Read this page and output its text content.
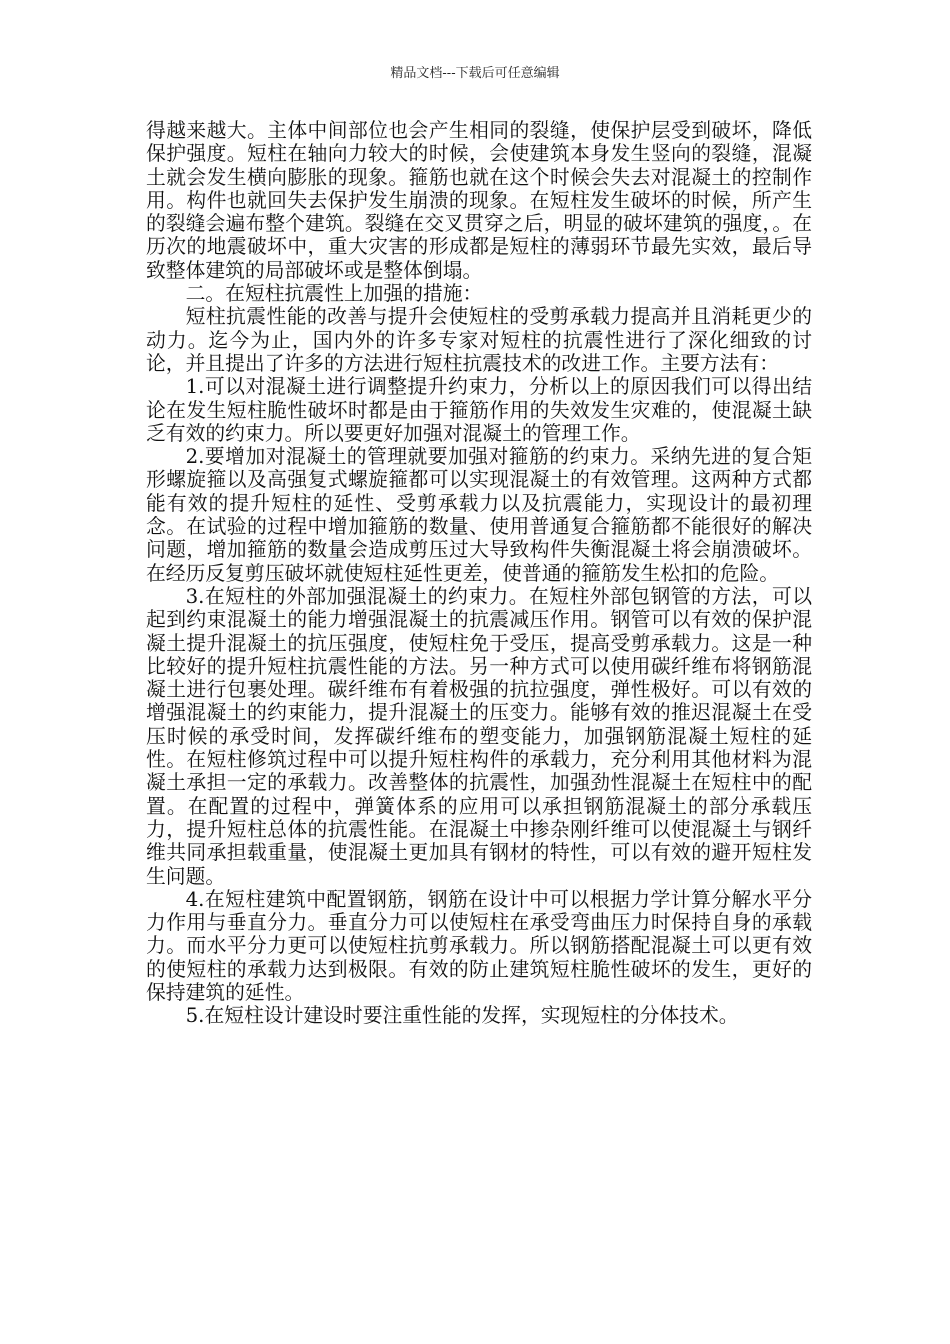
精品文档---下载后可任意编辑

得越来越大。主体中间部位也会产生相同的裂缝，使保护层受到破坏，降低保护强度。短柱在轴向力较大的时候，会使建筑本身发生竖向的裂缝，混凝土就会发生横向膨胀的现象。箍筋也就在这个时候会失去对混凝土的控制作用。构件也就回失去保护发生崩溃的现象。在短柱发生破坏的时候，所产生的裂缝会遍布整个建筑。裂缝在交叉贯穿之后，明显的破坏建筑的强度，。在历次的地震破坏中，重大灾害的形成都是短柱的薄弱环节最先实效，最后导致整体建筑的局部破坏或是整体倒塌。

二。在短柱抗震性上加强的措施：

短柱抗震性能的改善与提升会使短柱的受剪承载力提高并且消耗更少的动力。迄今为止，国内外的许多专家对短柱的抗震性进行了深化细致的讨论，并且提出了许多的方法进行短柱抗震技术的改进工作。主要方法有：

1.可以对混凝土进行调整提升约束力，分析以上的原因我们可以得出结论在发生短柱脆性破坏时都是由于箍筋作用的失效发生灾难的，使混凝土缺乏有效的约束力。所以要更好加强对混凝土的管理工作。

2.要增加对混凝土的管理就要加强对箍筋的约束力。采纳先进的复合矩形螺旋箍以及高强复式螺旋箍都可以实现混凝土的有效管理。这两种方式都能有效的提升短柱的延性、受剪承载力以及抗震能力，实现设计的最初理念。在试验的过程中增加箍筋的数量、使用普通复合箍筋都不能很好的解决问题，增加箍筋的数量会造成剪压过大导致构件失衡混凝土将会崩溃破坏。在经历反复剪压破坏就使短柱延性更差，使普通的箍筋发生松扣的危险。

3.在短柱的外部加强混凝土的约束力。在短柱外部包钢管的方法，可以起到约束混凝土的能力增强混凝土的抗震减压作用。钢管可以有效的保护混凝土提升混凝土的抗压强度，使短柱免于受压，提高受剪承载力。这是一种比较好的提升短柱抗震性能的方法。另一种方式可以使用碳纤维布将钢筋混凝土进行包裹处理。碳纤维布有着极强的抗拉强度，弹性极好。可以有效的增强混凝土的约束能力，提升混凝土的压变力。能够有效的推迟混凝土在受压时候的承受时间，发挥碳纤维布的塑变能力，加强钢筋混凝土短柱的延性。在短柱修筑过程中可以提升短柱构件的承载力，充分利用其他材料为混凝土承担一定的承载力。改善整体的抗震性，加强劲性混凝土在短柱中的配置。在配置的过程中，弹簧体系的应用可以承担钢筋混凝土的部分承载压力，提升短柱总体的抗震性能。在混凝土中掺杂刚纤维可以使混凝土与钢纤维共同承担载重量，使混凝土更加具有钢材的特性，可以有效的避开短柱发生问题。

4.在短柱建筑中配置钢筋，钢筋在设计中可以根据力学计算分解水平分力作用与垂直分力。垂直分力可以使短柱在承受弯曲压力时保持自身的承载力。而水平分力更可以使短柱抗剪承载力。所以钢筋搭配混凝土可以更有效的使短柱的承载力达到极限。有效的防止建筑短柱脆性破坏的发生，更好的保持建筑的延性。

5.在短柱设计建设时要注重性能的发挥，实现短柱的分体技术。
